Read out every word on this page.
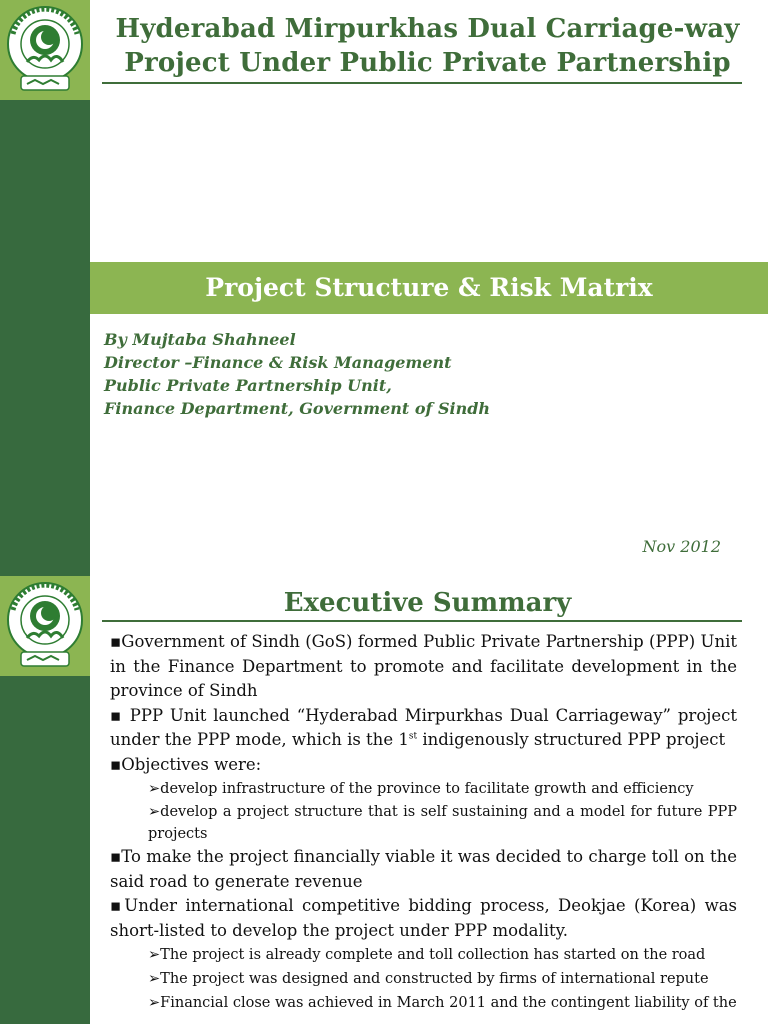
Hyderabad Mirpurkhas Dual Carriage-way
Project Under Public Private Partnership
Project Structure & Risk Matrix
By Mujtaba Shahneel
Director –Finance & Risk Management
Public Private Partnership Unit,
Finance Department, Government of Sindh
Nov 2012
Executive Summary

▪Government of Sindh (GoS) formed Public Private Partnership (PPP) Unit in the Finance Department to promote and facilitate development in the province of Sindh

▪ PPP Unit launched “Hyderabad Mirpurkhas Dual Carriageway” project under the PPP mode, which is the 1st indigenously structured PPP project

▪Objectives were:

➢develop infrastructure of the province to facilitate growth and efficiency

➢develop a project structure that is self sustaining and a model for future PPP projects

▪To make the project financially viable it was decided to charge toll on the said road to generate revenue

▪Under international competitive bidding process, Deokjae (Korea) was short-listed to develop the project under PPP modality.

➢The project is already complete and toll collection has started on the road

➢The project was designed and constructed by firms of international repute

➢Financial close was achieved in March 2011 and the contingent liability of the
